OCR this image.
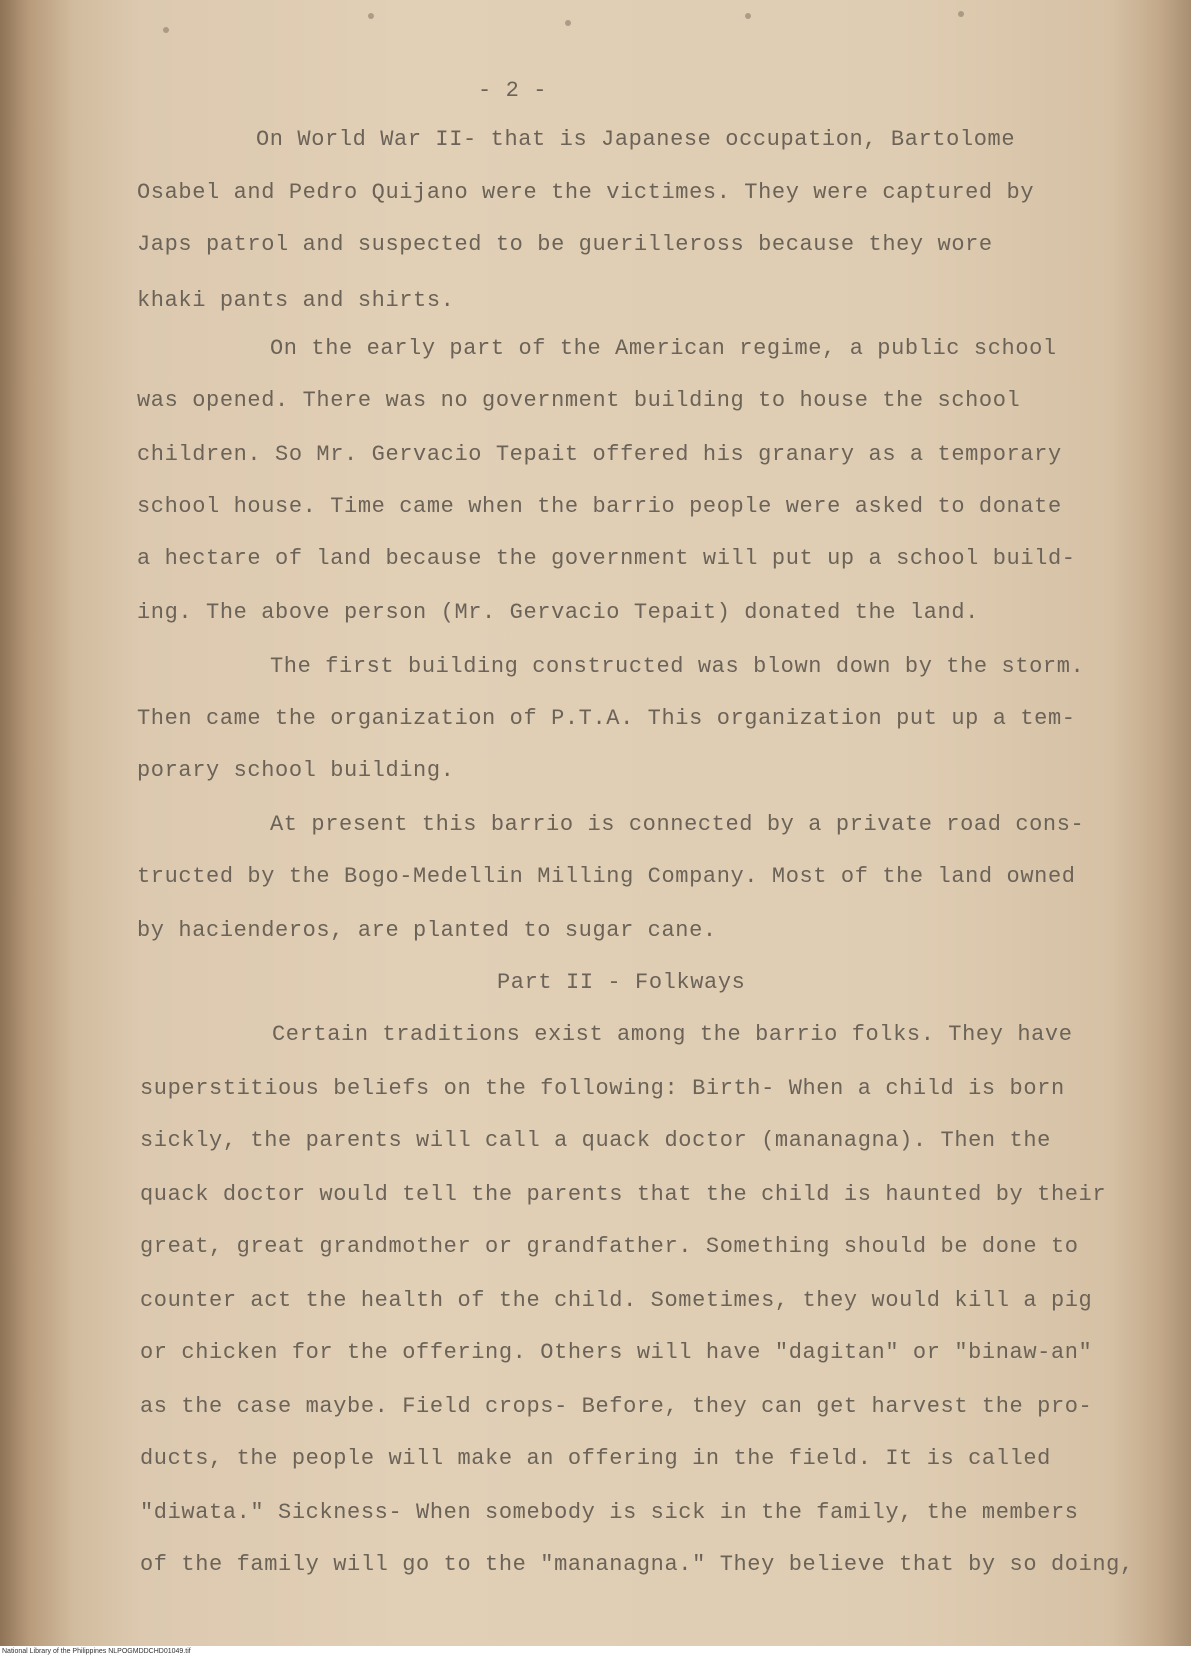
- 2 -
On World War II- that is Japanese occupation, Bartolome
Osabel and Pedro Quijano were the victimes. They were captured by
Japs patrol and suspected to be guerilleross because they wore
khaki pants and shirts.
On the early part of the American regime, a public school
was opened. There was no government building to house the school
children. So Mr. Gervacio Tepait offered his granary as a temporary
school house. Time came when the barrio people were asked to donate
a hectare of land because the government will put up a school build-
ing. The above person (Mr. Gervacio Tepait) donated the land.
The first building constructed was blown down by the storm.
Then came the organization of P.T.A. This organization put up a tem-
porary school building.
At present this barrio is connected by a private road cons-
tructed by the Bogo-Medellin Milling Company. Most of the land owned
by hacienderos, are planted to sugar cane.
Part II - Folkways
Certain traditions exist among the barrio folks. They have
superstitious beliefs on the following: Birth- When a child is born
sickly, the parents will call a quack doctor (mananagna). Then the
quack doctor would tell the parents that the child is haunted by their
great, great grandmother or grandfather. Something should be done to
counter act the health of the child. Sometimes, they would kill a pig
or chicken for the offering. Others will have "dagitan" or "binaw-an"
as the case maybe. Field crops- Before, they can get harvest the pro-
ducts, the people will make an offering in the field. It is called
"diwata." Sickness- When somebody is sick in the family, the members
of the family will go to the "mananagna." They believe that by so doing,
National Library of the Philippines NLPOGMDDCHD01049.tif
